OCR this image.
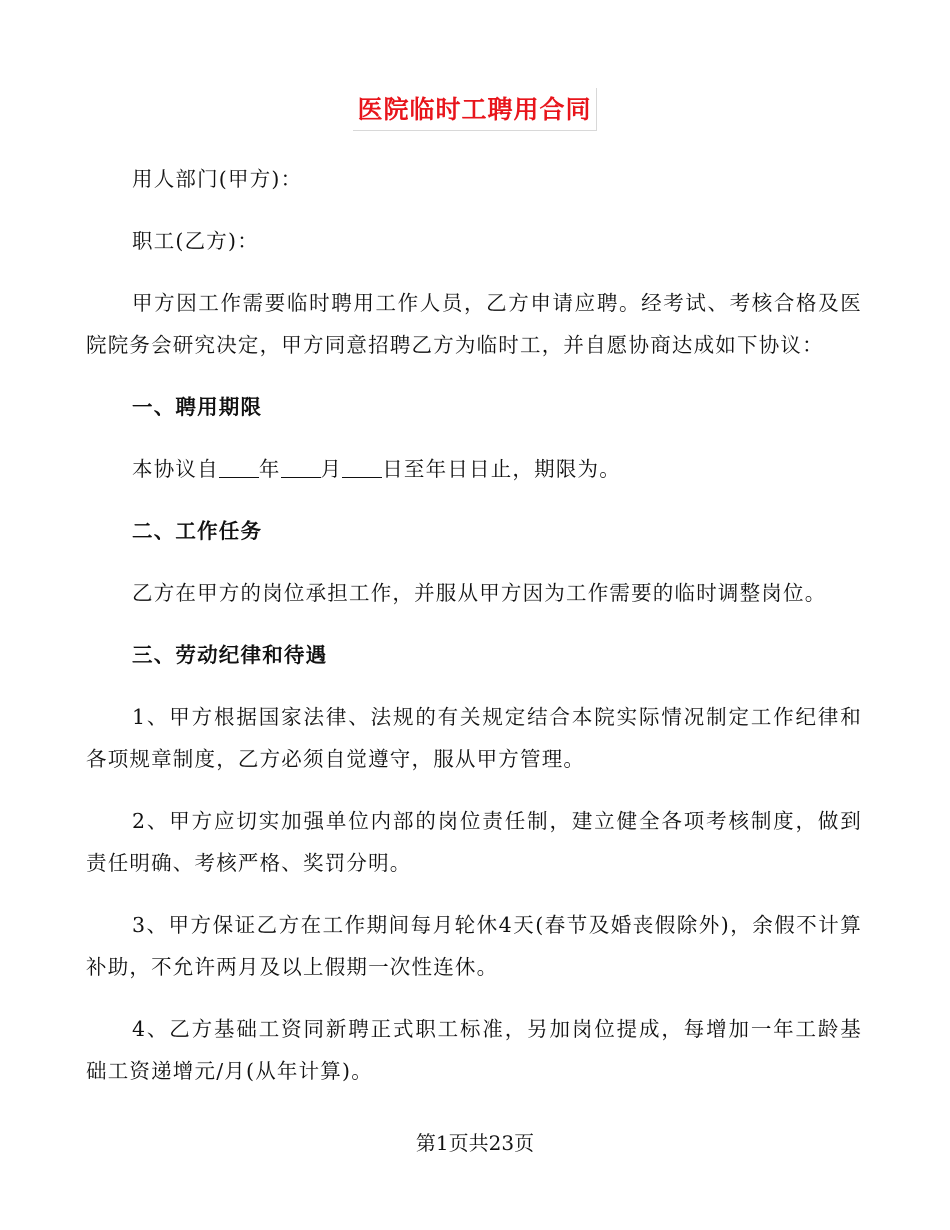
医院临时工聘用合同

用人部门(甲方)：

职工(乙方)：

甲方因工作需要临时聘用工作人员，乙方申请应聘。经考试、考核合格及医院院务会研究决定，甲方同意招聘乙方为临时工，并自愿协商达成如下协议：

一、聘用期限

本协议自 年 月 日至年日日止，期限为。

二、工作任务

乙方在甲方的岗位承担工作，并服从甲方因为工作需要的临时调整岗位。

三、劳动纪律和待遇

1、甲方根据国家法律、法规的有关规定结合本院实际情况制定工作纪律和各项规章制度，乙方必须自觉遵守，服从甲方管理。

2、甲方应切实加强单位内部的岗位责任制，建立健全各项考核制度，做到责任明确、考核严格、奖罚分明。

3、甲方保证乙方在工作期间每月轮休4天(春节及婚丧假除外)，余假不计算补助，不允许两月及以上假期一次性连休。

4、乙方基础工资同新聘正式职工标准，另加岗位提成，每增加一年工龄基础工资递增元/月(从年计算)。

第1页共23页
